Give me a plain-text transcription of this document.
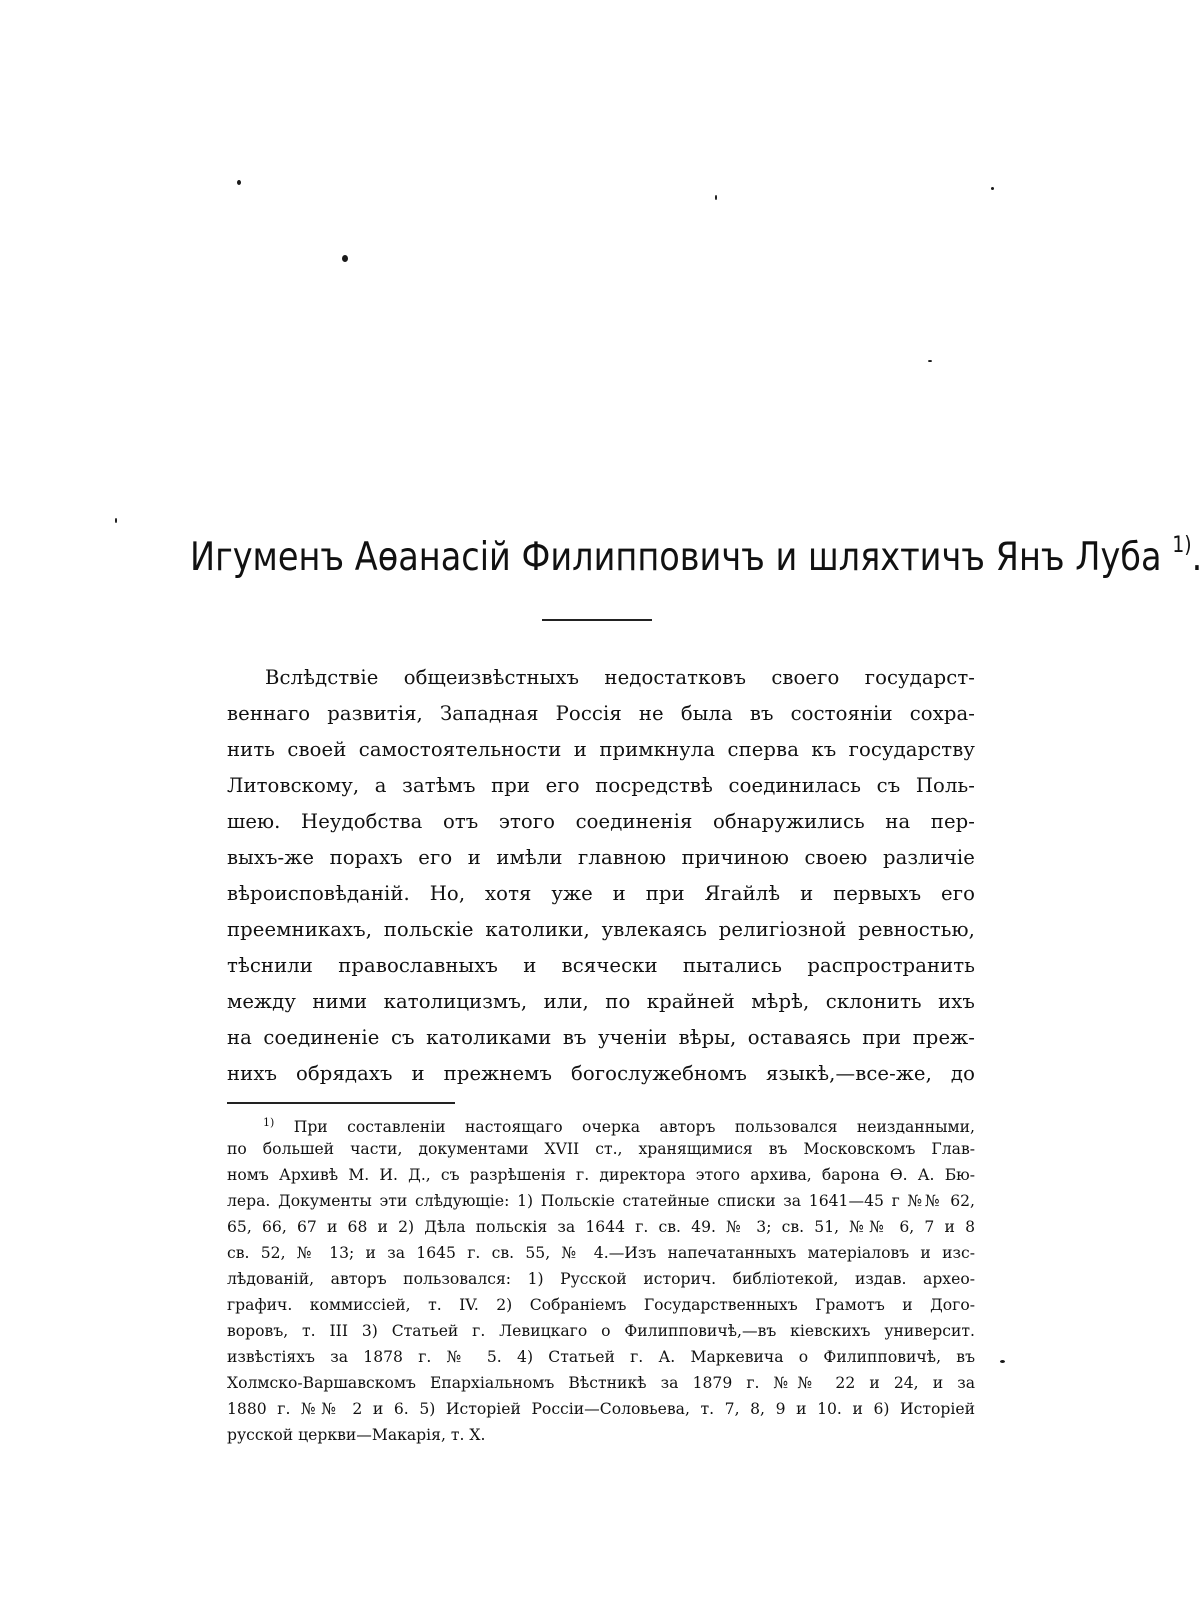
Игуменъ Аѳанасій Филипповичъ и шляхтичъ Янъ Луба $^{1)}$.
Вслѣдствіе общеизвѣстныхъ недостатковъ своего государст-
веннаго развитія, Западная Россія не была въ состояніи сохра-
нить своей самостоятельности и примкнула сперва къ государству
Литовскому, а затѣмъ при его посредствѣ соединилась съ Поль-
шею. Неудобства отъ этого соединенія обнаружились на пер-
выхъ-же порахъ его и имѣли главною причиною своею различіе
вѣроисповѣданій. Но, хотя уже и при Ягайлѣ и первыхъ его
преемникахъ, польскіе католики, увлекаясь религіозной ревностью,
тѣснили православныхъ и всячески пытались распространить
между ними католицизмъ, или, по крайней мѣрѣ, склонить ихъ
на соединеніе съ католиками въ ученіи вѣры, оставаясь при преж-
нихъ обрядахъ и прежнемъ богослужебномъ языкѣ,—все-же, до
$^{1)}$ При составленіи настоящаго очерка авторъ пользовался неизданными,
по большей части, документами XVII ст., хранящимися въ Московскомъ Глав-
номъ Архивѣ М. И. Д., съ разрѣшенія г. директора этого архива, барона Ѳ. А. Бю-
лера. Документы эти слѣдующіе: 1) Польскіе статейные списки за 1641—45 г №№ 62,
65, 66, 67 и 68 и 2) Дѣла польскія за 1644 г. св. 49. № 3; св. 51, №№ 6, 7 и 8
св. 52, № 13; и за 1645 г. св. 55, № 4.—Изъ напечатанныхъ матеріаловъ и изс-
лѣдованій, авторъ пользовался: 1) Русской историч. библіотекой, издав. архео-
графич. коммиссіей, т. IV. 2) Собраніемъ Государственныхъ Грамотъ и Дого-
воровъ, т. III 3) Статьей г. Левицкаго о Филипповичѣ,—въ кіевскихъ университ.
извѣстіяхъ за 1878 г. № 5. 4) Статьей г. А. Маркевича о Филипповичѣ, въ
Холмско-Варшавскомъ Епархіальномъ Вѣстникѣ за 1879 г. №№ 22 и 24, и за
1880 г. №№ 2 и 6. 5) Исторіей Россіи—Соловьева, т. 7, 8, 9 и 10. и 6) Исторіей
русской церкви—Макарія, т. X.
